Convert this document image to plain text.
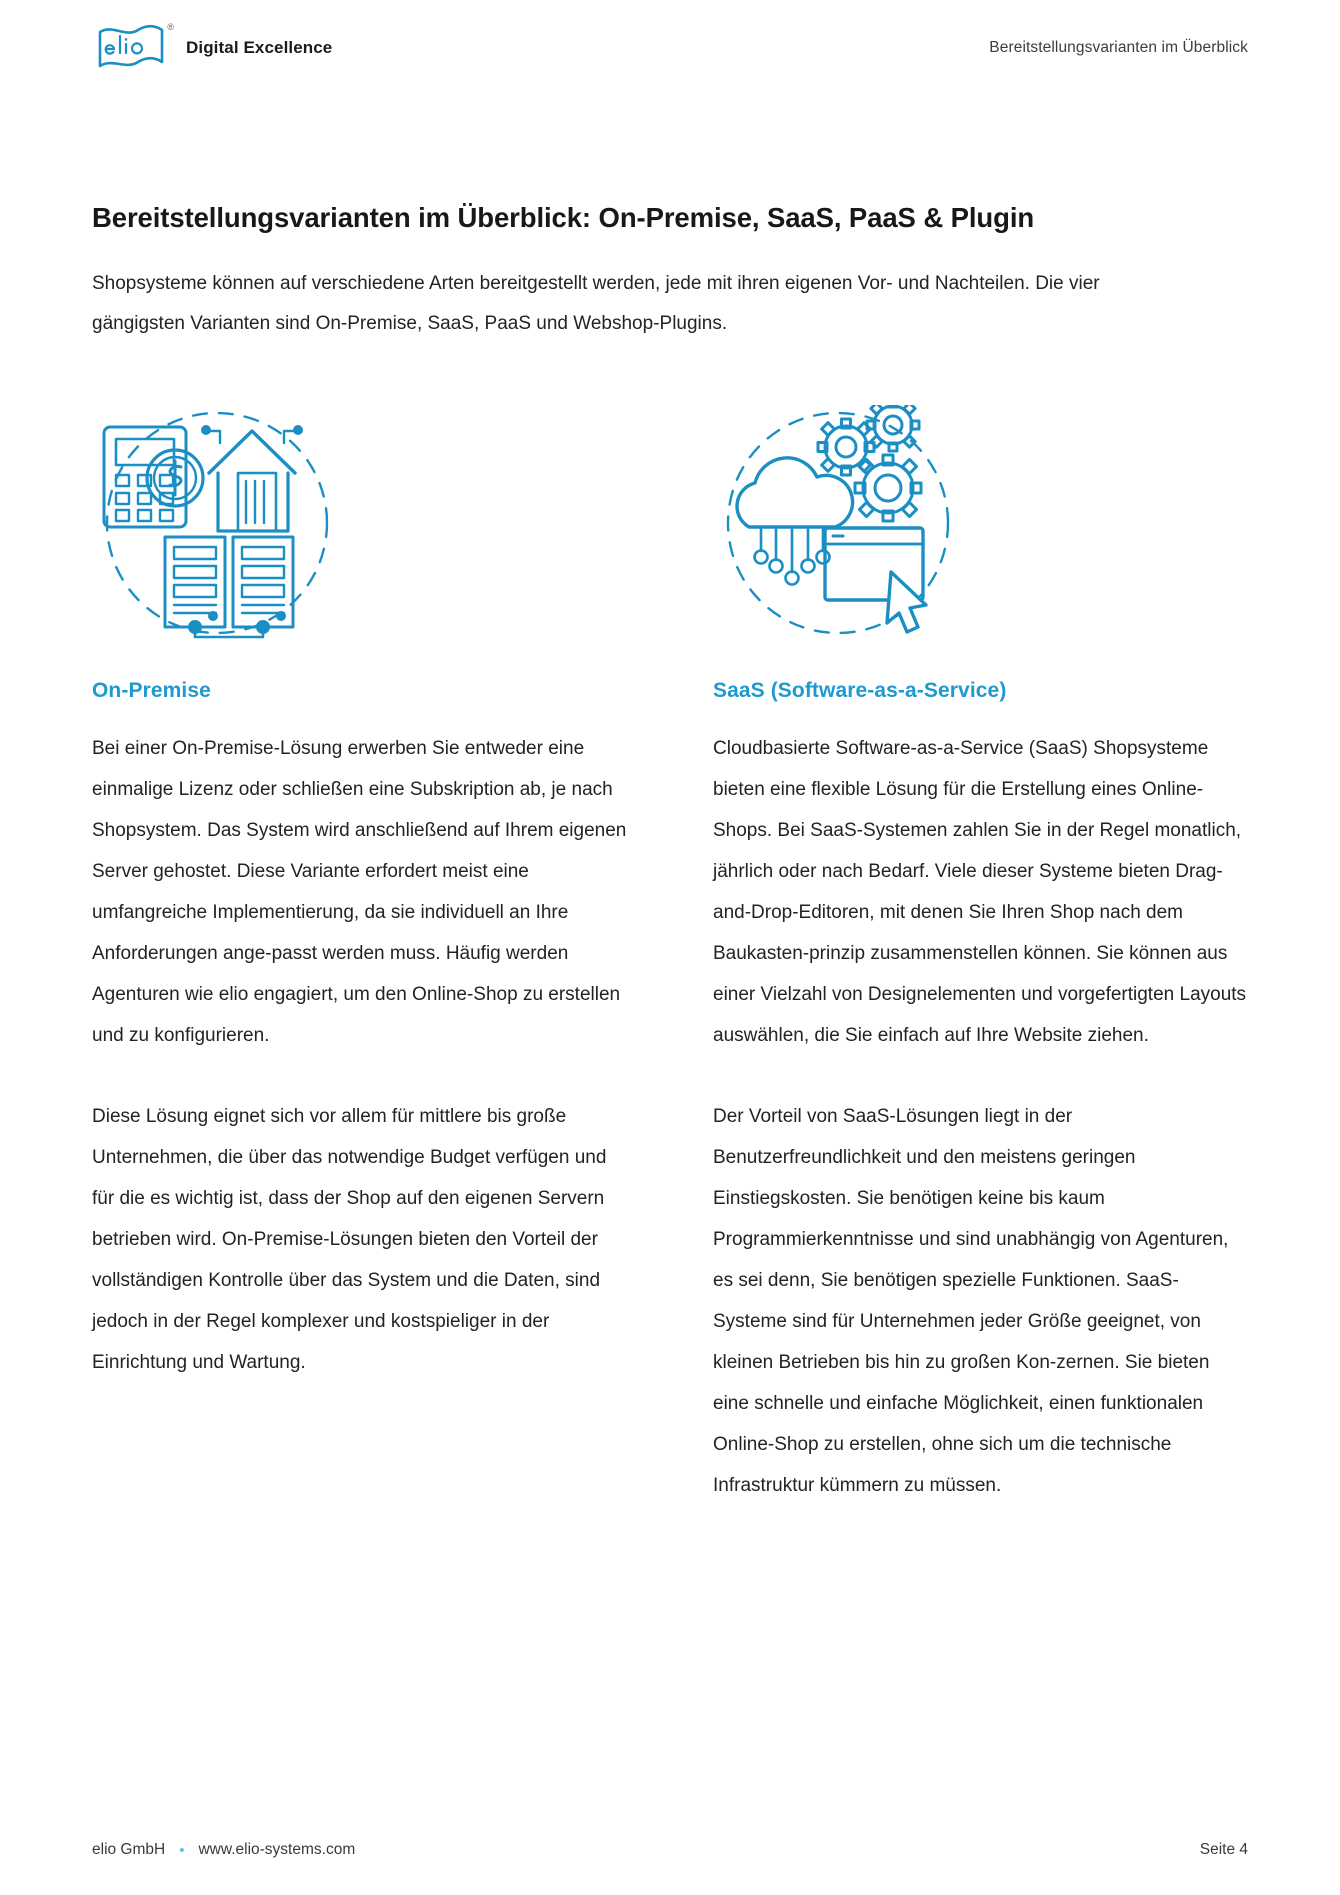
®
Digital Excellence	Bereitstellungsvarianten im Überblick
Bereitstellungsvarianten im Überblick: On-Premise, SaaS, PaaS & Plugin

Shopsysteme können auf verschiedene Arten bereitgestellt werden, jede mit ihren eigenen Vor- und Nachteilen. Die vier gängigsten Varianten sind On-Premise, SaaS, PaaS und Webshop-Plugins.

On-Premise

Bei einer On-Premise-Lösung erwerben Sie entweder eine einmalige Lizenz oder schließen eine Subskription ab, je nach Shopsystem. Das System wird anschließend auf Ihrem eigenen Server gehostet. Diese Variante erfordert meist eine umfangreiche Implementierung, da sie individuell an Ihre Anforderungen ange-passt werden muss. Häufig werden Agenturen wie elio engagiert, um den Online-Shop zu erstellen und zu konfigurieren.

Diese Lösung eignet sich vor allem für mittlere bis große Unternehmen, die über das notwendige Budget verfügen und für die es wichtig ist, dass der Shop auf den eigenen Servern betrieben wird. On-Premise-Lösungen bieten den Vorteil der vollständigen Kontrolle über das System und die Daten, sind jedoch in der Regel komplexer und kostspieliger in der Einrichtung und Wartung.

SaaS (Software-as-a-Service)

Cloudbasierte Software-as-a-Service (SaaS) Shopsysteme bieten eine flexible Lösung für die Erstellung eines Online-Shops. Bei SaaS-Systemen zahlen Sie in der Regel monatlich, jährlich oder nach Bedarf. Viele dieser Systeme bieten Drag-and-Drop-Editoren, mit denen Sie Ihren Shop nach dem Baukasten-prinzip zusammenstellen können. Sie können aus einer Vielzahl von Designelementen und vorgefertigten Layouts auswählen, die Sie einfach auf Ihre Website ziehen.

Der Vorteil von SaaS-Lösungen liegt in der Benutzerfreundlichkeit und den meistens geringen Einstiegskosten. Sie benötigen keine bis kaum Programmierkenntnisse und sind unabhängig von Agenturen, es sei denn, Sie benötigen spezielle Funktionen. SaaS-Systeme sind für Unternehmen jeder Größe geeignet, von kleinen Betrieben bis hin zu großen Kon-zernen. Sie bieten eine schnelle und einfache Möglichkeit, einen funktionalen Online-Shop zu erstellen, ohne sich um die technische Infrastruktur kümmern zu müssen.

elio GmbH • www.elio-systems.com	Seite 4
